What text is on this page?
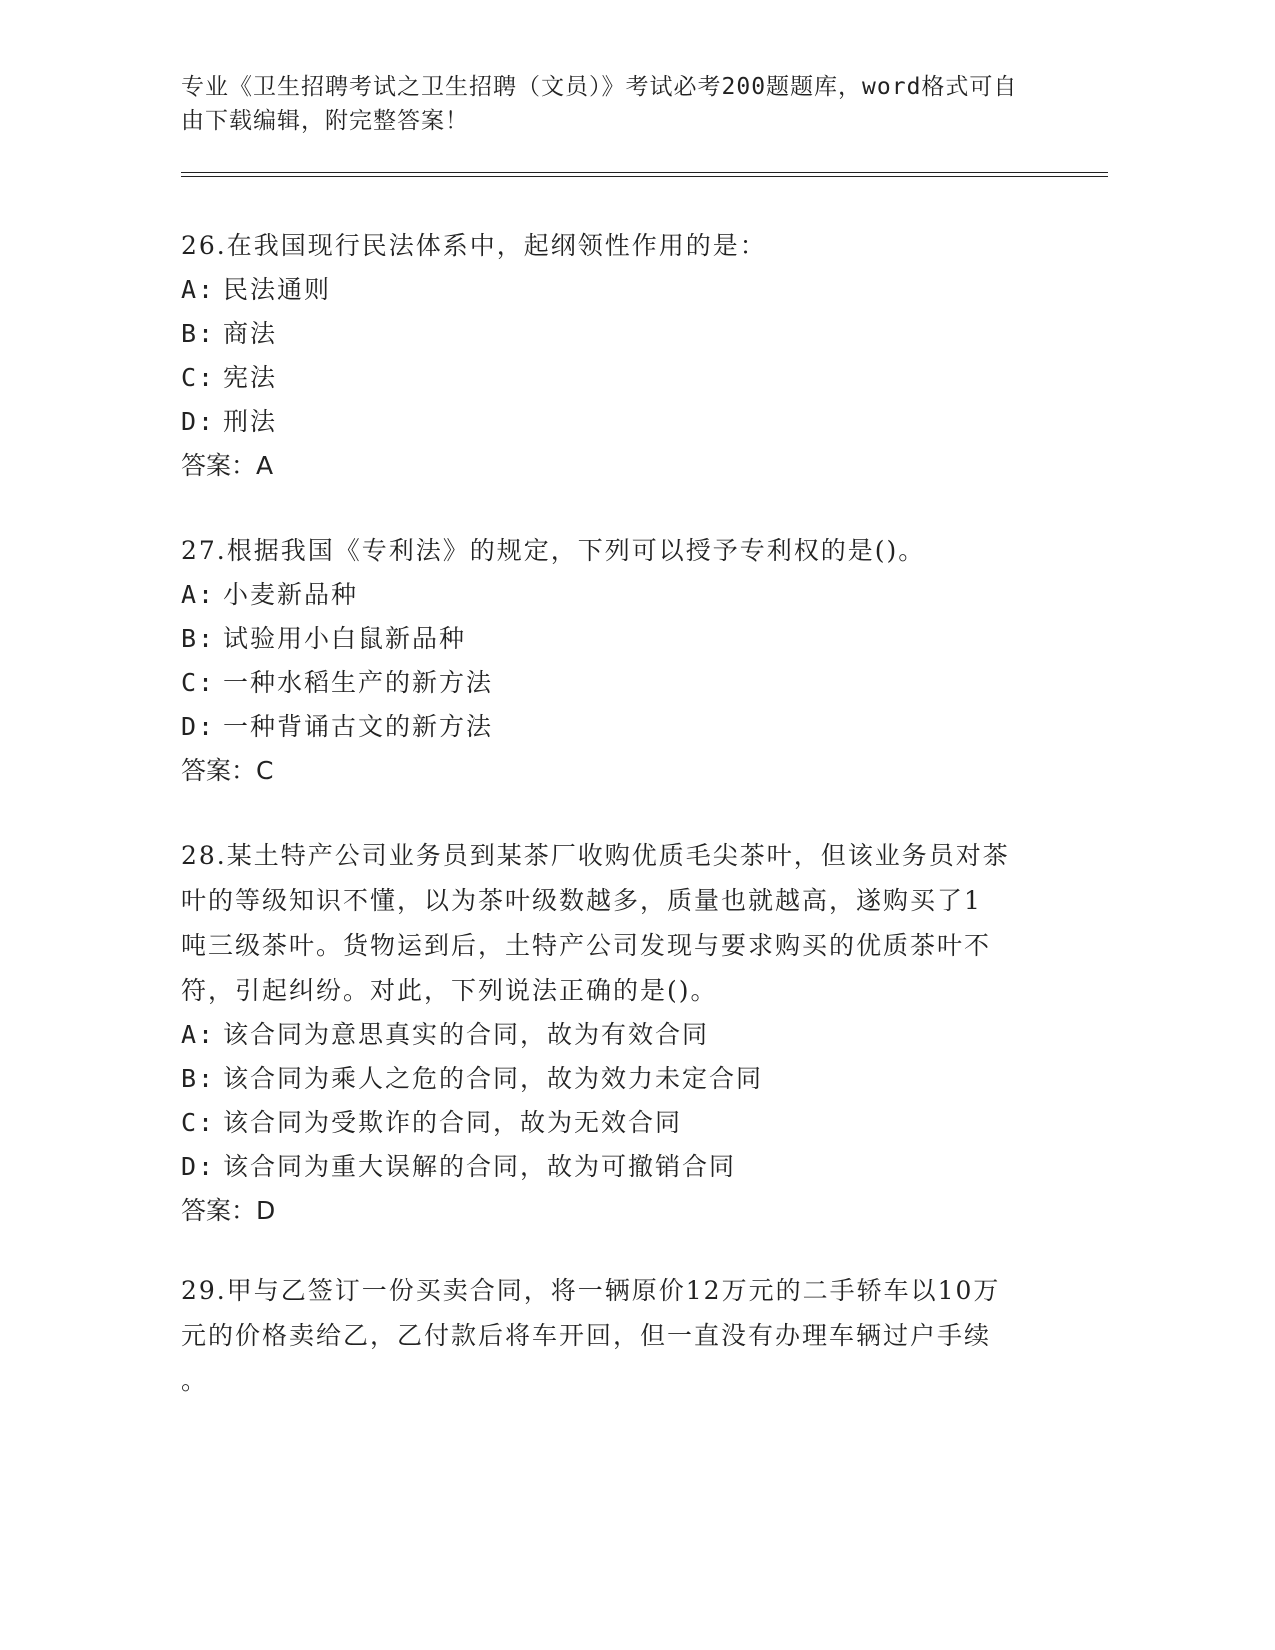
专业《卫生招聘考试之卫生招聘（文员）》考试必考200题题库，word格式可自
由下载编辑，附完整答案！

26.在我国现行民法体系中，起纲领性作用的是：

A: 民法通则

B: 商法

C: 宪法

D: 刑法

答案：A

27.根据我国《专利法》的规定，下列可以授予专利权的是()。

A: 小麦新品种

B: 试验用小白鼠新品种

C: 一种水稻生产的新方法

D: 一种背诵古文的新方法

答案：C

28.某土特产公司业务员到某茶厂收购优质毛尖茶叶，但该业务员对茶

叶的等级知识不懂，以为茶叶级数越多，质量也就越高，遂购买了1

吨三级茶叶。货物运到后，土特产公司发现与要求购买的优质茶叶不

符，引起纠纷。对此，下列说法正确的是()。

A: 该合同为意思真实的合同，故为有效合同

B: 该合同为乘人之危的合同，故为效力未定合同

C: 该合同为受欺诈的合同，故为无效合同

D: 该合同为重大误解的合同，故为可撤销合同

答案：D

29.甲与乙签订一份买卖合同，将一辆原价12万元的二手轿车以10万

元的价格卖给乙，乙付款后将车开回，但一直没有办理车辆过户手续

。
